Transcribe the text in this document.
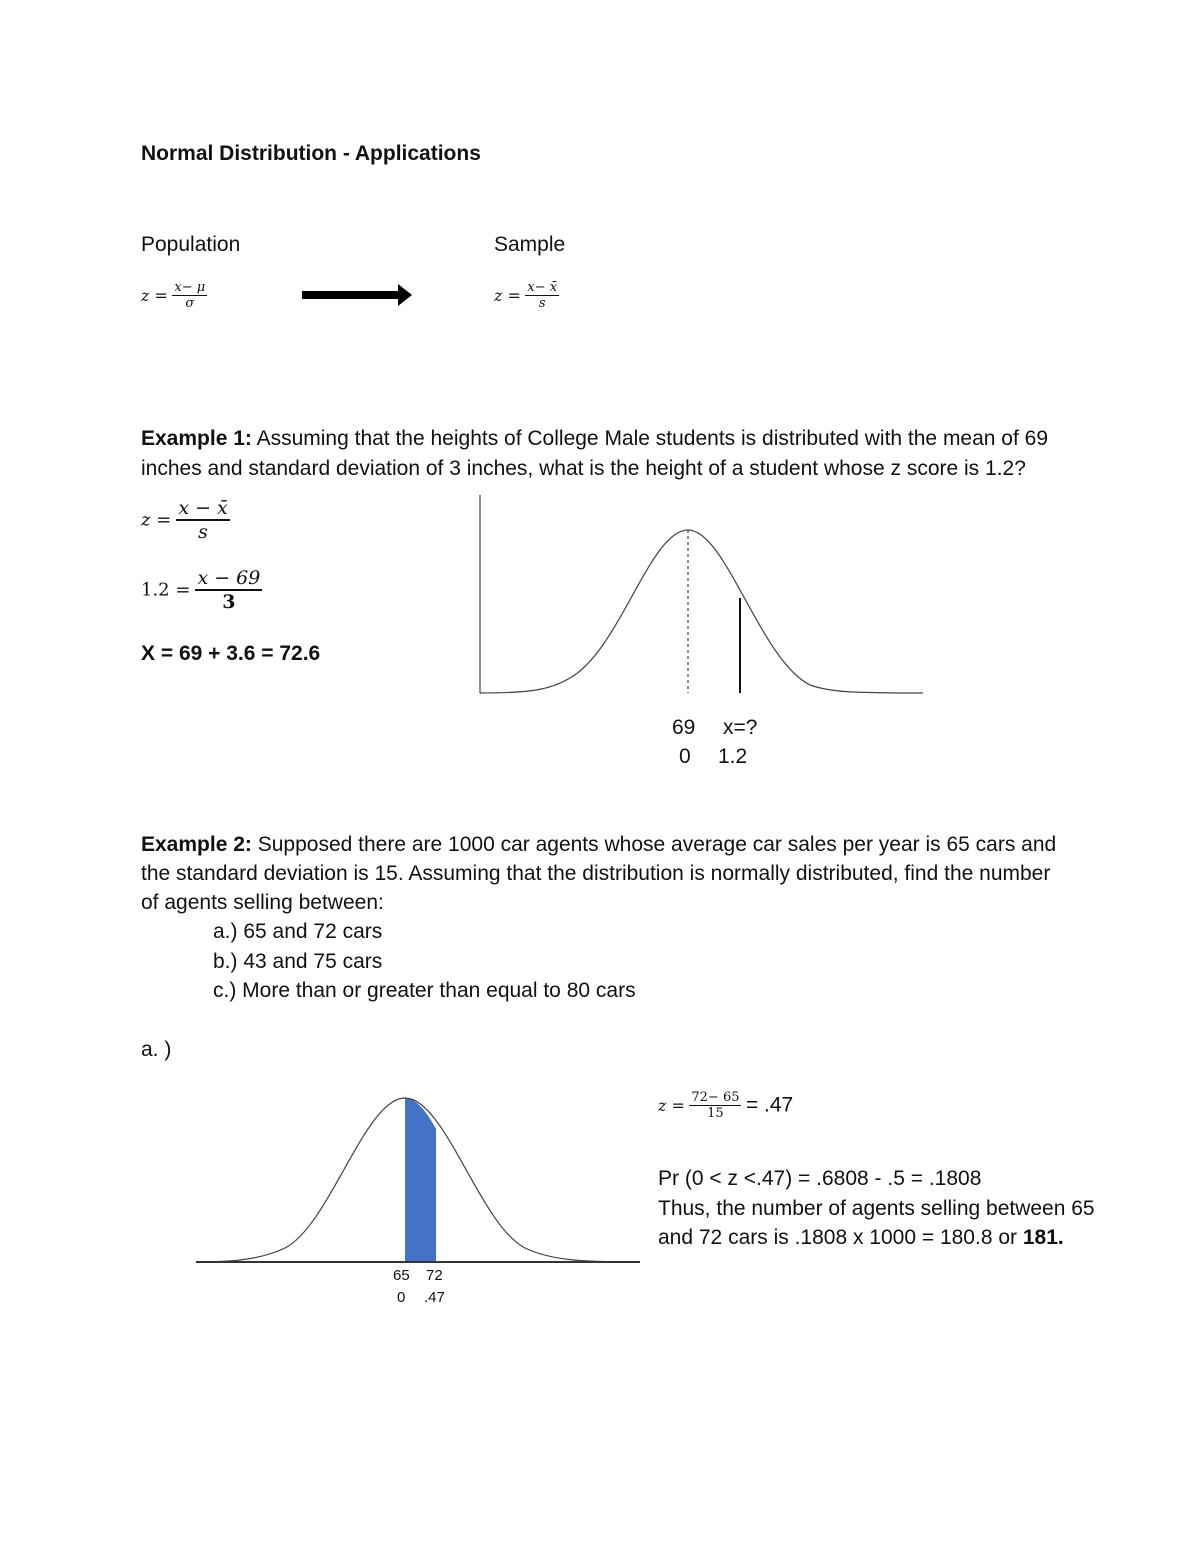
Normal Distribution - Applications
Population	Sample
$z = \frac{x- \mu}{\sigma}$	$z = \frac{x- x̄}{s}$
Example 1: Assuming that the heights of College Male students is distributed with the mean of 69
inches and standard deviation of 3 inches, what is the height of a student whose z score is 1.2?
$z = \frac{x - x̄}{s}$
$1.2 = \frac{x - 69}{3}$
X = 69 + 3.6 = 72.6
69 x=?
0 1.2
Example 2: Supposed there are 1000 car agents whose average car sales per year is 65 cars and
the standard deviation is 15. Assuming that the distribution is normally distributed, find the number
of agents selling between:
a.) 65 and 72 cars
b.) 43 and 75 cars
c.) More than or greater than equal to 80 cars
a. )
65 72
0 .47
$z = \frac{72- 65}{15} = .47$
Pr (0 < z <.47) = .6808 - .5 = .1808
Thus, the number of agents selling between 65
and 72 cars is .1808 x 1000 = 180.8 or 181.
